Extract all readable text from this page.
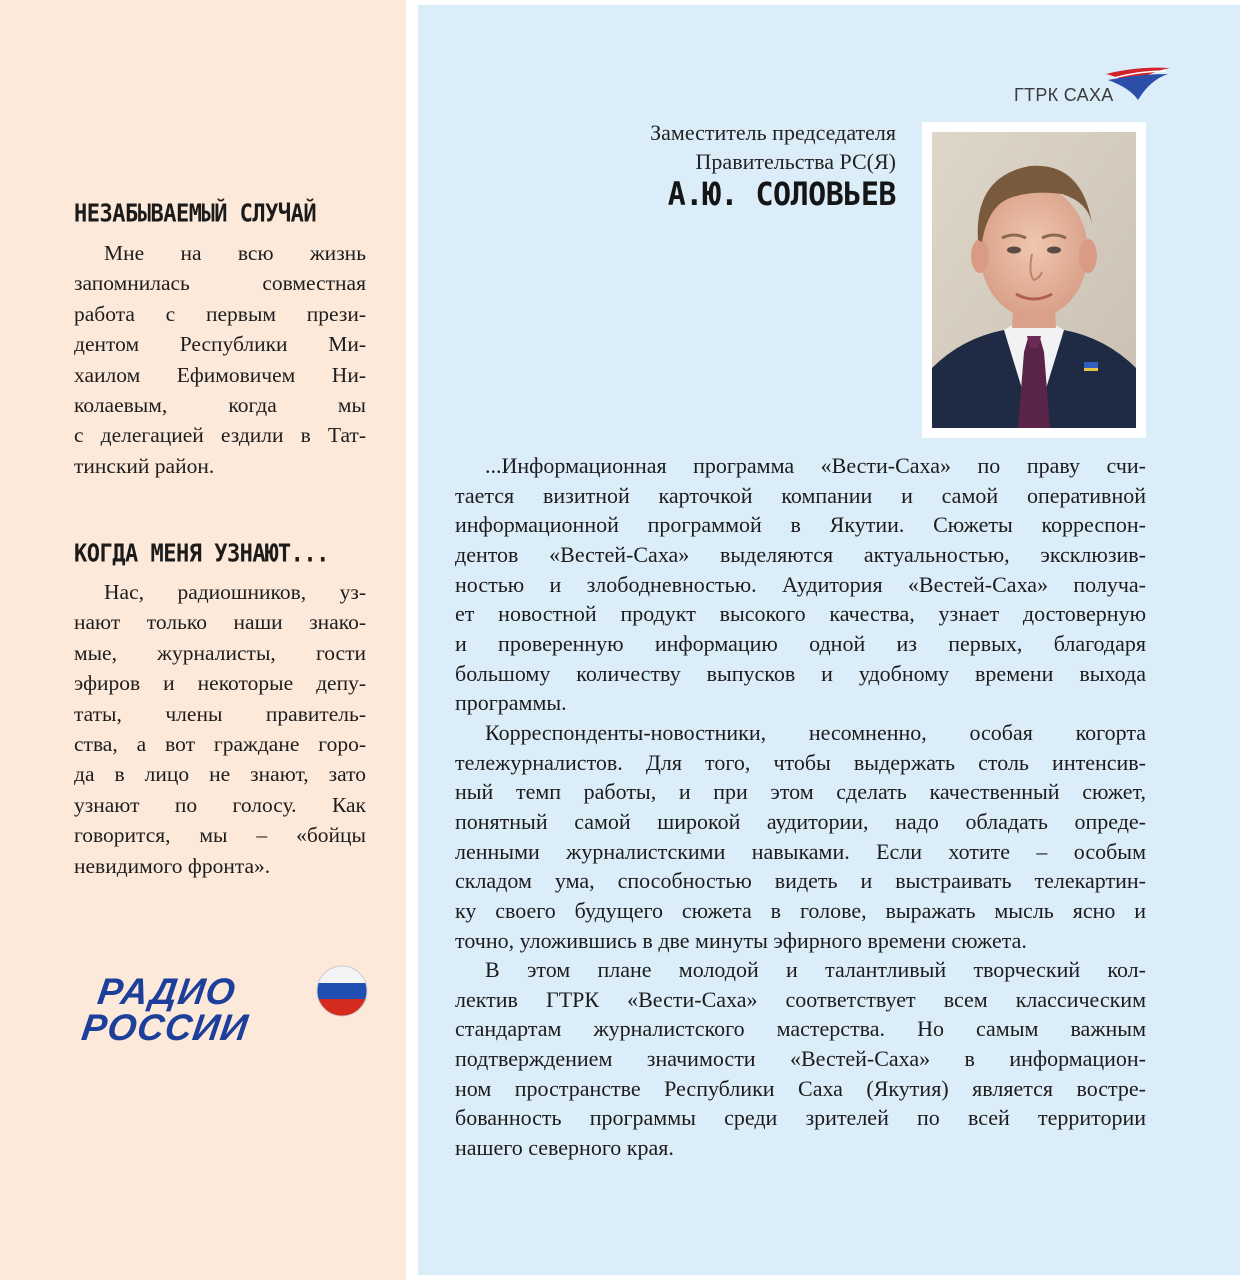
НЕЗАБЫВАЕМЫЙ СЛУЧАЙ

Мне на всю жизнь
запомнилась совместная
работа с первым прези-
дентом Республики Ми-
хаилом Ефимовичем Ни-
колаевым, когда мы
с делегацией ездили в Тат-
тинский район.

КОГДА МЕНЯ УЗНАЮТ...

Нас, радиошников, уз-
нают только наши знако-
мые, журналисты, гости
эфиров и некоторые депу-
таты, члены правитель-
ства, а вот граждане горо-
да в лицо не знают, зато
узнают по голосу. Как
говорится, мы – «бойцы
невидимого фронта».

РАДИО
РОССИИ
ГТРК САХА

Заместитель председателя
Правительства РС(Я)

А.Ю. СОЛОВЬЕВ

...Информационная программа «Вести-Саха» по праву счи-
тается визитной карточкой компании и самой оперативной
информационной программой в Якутии. Сюжеты корреспон-
дентов «Вестей-Саха» выделяются актуальностью, эксклюзив-
ностью и злободневностью. Аудитория «Вестей-Саха» получа-
ет новостной продукт высокого качества, узнает достоверную
и проверенную информацию одной из первых, благодаря
большому количеству выпусков и удобному времени выхода
программы.

Корреспонденты-новостники, несомненно, особая когорта
тележурналистов. Для того, чтобы выдержать столь интенсив-
ный темп работы, и при этом сделать качественный сюжет,
понятный самой широкой аудитории, надо обладать опреде-
ленными журналистскими навыками. Если хотите – особым
складом ума, способностью видеть и выстраивать телекартин-
ку своего будущего сюжета в голове, выражать мысль ясно и
точно, уложившись в две минуты эфирного времени сюжета.

В этом плане молодой и талантливый творческий кол-
лектив ГТРК «Вести-Саха» соответствует всем классическим
стандартам журналистского мастерства. Но самым важным
подтверждением значимости «Вестей-Саха» в информацион-
ном пространстве Республики Саха (Якутия) является востре-
бованность программы среди зрителей по всей территории
нашего северного края.
